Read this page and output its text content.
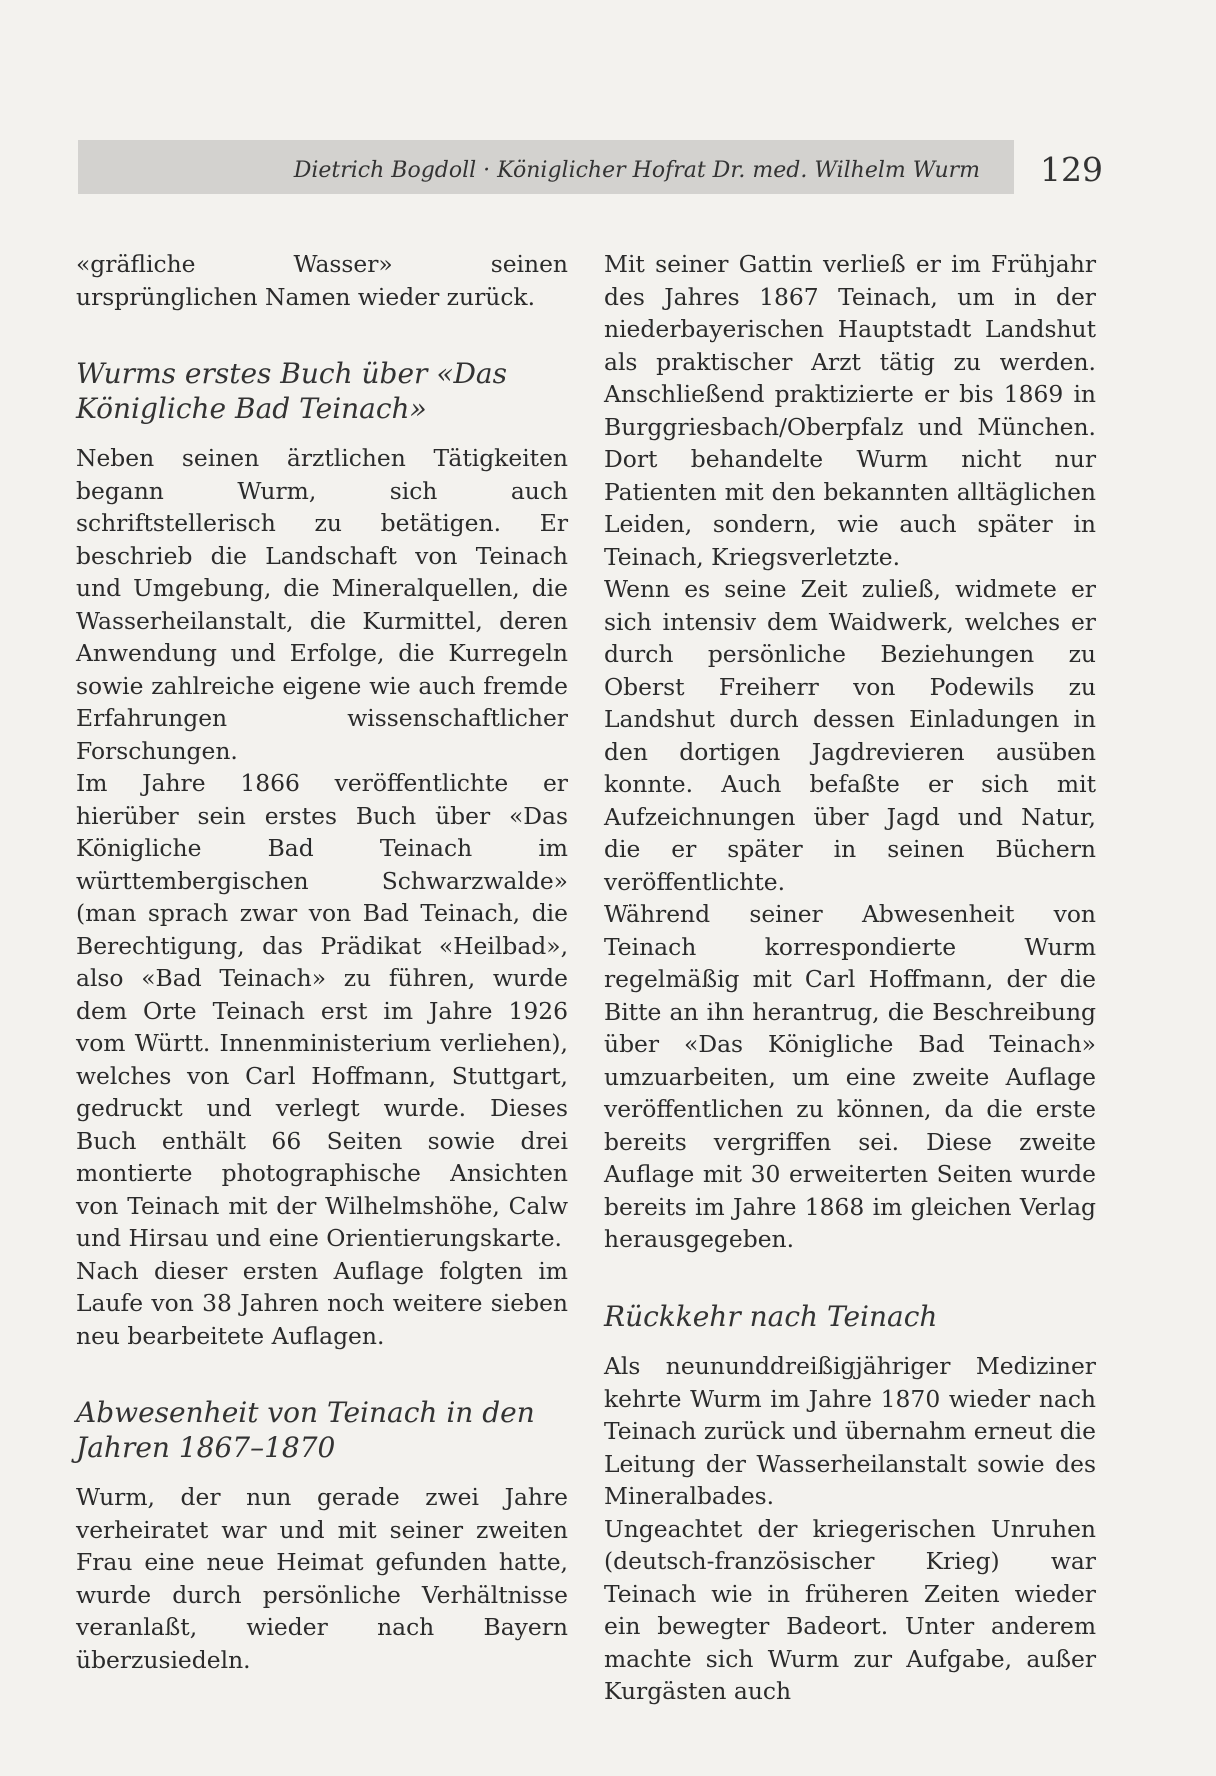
Dietrich Bogdoll · Königlicher Hofrat Dr. med. Wilhelm Wurm 129

«gräfliche Wasser» seinen ursprünglichen Namen wieder zurück.

Wurms erstes Buch über «Das Königliche Bad Teinach»

Neben seinen ärztlichen Tätigkeiten begann Wurm, sich auch schriftstellerisch zu betätigen. Er beschrieb die Landschaft von Teinach und Umgebung, die Mineralquellen, die Wasserheilanstalt, die Kurmittel, deren Anwendung und Erfolge, die Kurregeln sowie zahlreiche eigene wie auch fremde Erfahrungen wissenschaftlicher Forschungen.

Im Jahre 1866 veröffentlichte er hierüber sein erstes Buch über «Das Königliche Bad Teinach im württembergischen Schwarzwalde» (man sprach zwar von Bad Teinach, die Berechtigung, das Prädikat «Heilbad», also «Bad Teinach» zu führen, wurde dem Orte Teinach erst im Jahre 1926 vom Württ. Innenministerium verliehen), welches von Carl Hoffmann, Stuttgart, gedruckt und verlegt wurde. Dieses Buch enthält 66 Seiten sowie drei montierte photographische Ansichten von Teinach mit der Wilhelmshöhe, Calw und Hirsau und eine Orientierungskarte.

Nach dieser ersten Auflage folgten im Laufe von 38 Jahren noch weitere sieben neu bearbeitete Auflagen.

Abwesenheit von Teinach in den Jahren 1867–1870

Wurm, der nun gerade zwei Jahre verheiratet war und mit seiner zweiten Frau eine neue Heimat gefunden hatte, wurde durch persönliche Verhältnisse veranlaßt, wieder nach Bayern überzusiedeln.

Mit seiner Gattin verließ er im Frühjahr des Jahres 1867 Teinach, um in der niederbayerischen Hauptstadt Landshut als praktischer Arzt tätig zu werden. Anschließend praktizierte er bis 1869 in Burggriesbach/Oberpfalz und München. Dort behandelte Wurm nicht nur Patienten mit den bekannten alltäglichen Leiden, sondern, wie auch später in Teinach, Kriegsverletzte.

Wenn es seine Zeit zuließ, widmete er sich intensiv dem Waidwerk, welches er durch persönliche Beziehungen zu Oberst Freiherr von Podewils zu Landshut durch dessen Einladungen in den dortigen Jagdrevieren ausüben konnte. Auch befaßte er sich mit Aufzeichnungen über Jagd und Natur, die er später in seinen Büchern veröffentlichte.

Während seiner Abwesenheit von Teinach korrespondierte Wurm regelmäßig mit Carl Hoffmann, der die Bitte an ihn herantrug, die Beschreibung über «Das Königliche Bad Teinach» umzuarbeiten, um eine zweite Auflage veröffentlichen zu können, da die erste bereits vergriffen sei. Diese zweite Auflage mit 30 erweiterten Seiten wurde bereits im Jahre 1868 im gleichen Verlag herausgegeben.

Rückkehr nach Teinach

Als neununddreißigjähriger Mediziner kehrte Wurm im Jahre 1870 wieder nach Teinach zurück und übernahm erneut die Leitung der Wasserheilanstalt sowie des Mineralbades.

Ungeachtet der kriegerischen Unruhen (deutsch-französischer Krieg) war Teinach wie in früheren Zeiten wieder ein bewegter Badeort. Unter anderem machte sich Wurm zur Aufgabe, außer Kurgästen auch
